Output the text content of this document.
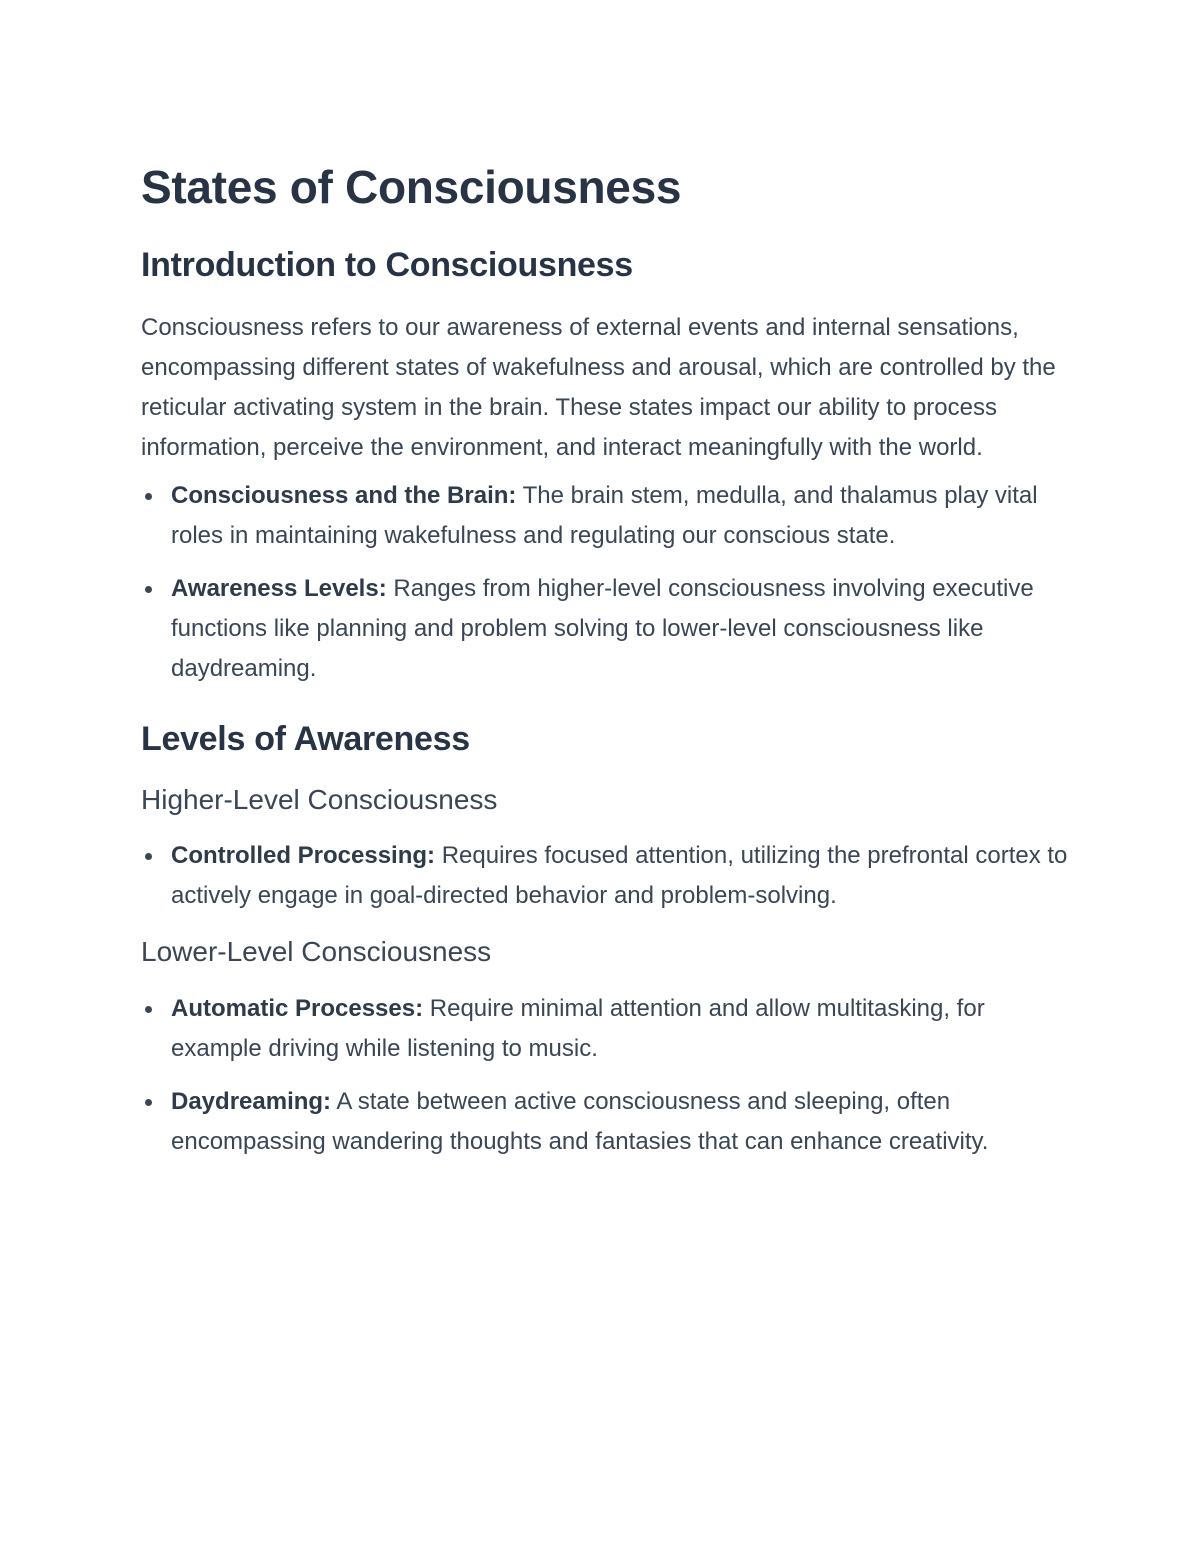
States of Consciousness
Introduction to Consciousness

Consciousness refers to our awareness of external events and internal sensations, encompassing different states of wakefulness and arousal, which are controlled by the reticular activating system in the brain. These states impact our ability to process information, perceive the environment, and interact meaningfully with the world.

Consciousness and the Brain: The brain stem, medulla, and thalamus play vital roles in maintaining wakefulness and regulating our conscious state.
Awareness Levels: Ranges from higher-level consciousness involving executive functions like planning and problem solving to lower-level consciousness like daydreaming.
Levels of Awareness
Higher-Level Consciousness
Controlled Processing: Requires focused attention, utilizing the prefrontal cortex to actively engage in goal-directed behavior and problem-solving.
Lower-Level Consciousness
Automatic Processes: Require minimal attention and allow multitasking, for example driving while listening to music.
Daydreaming: A state between active consciousness and sleeping, often encompassing wandering thoughts and fantasies that can enhance creativity.
